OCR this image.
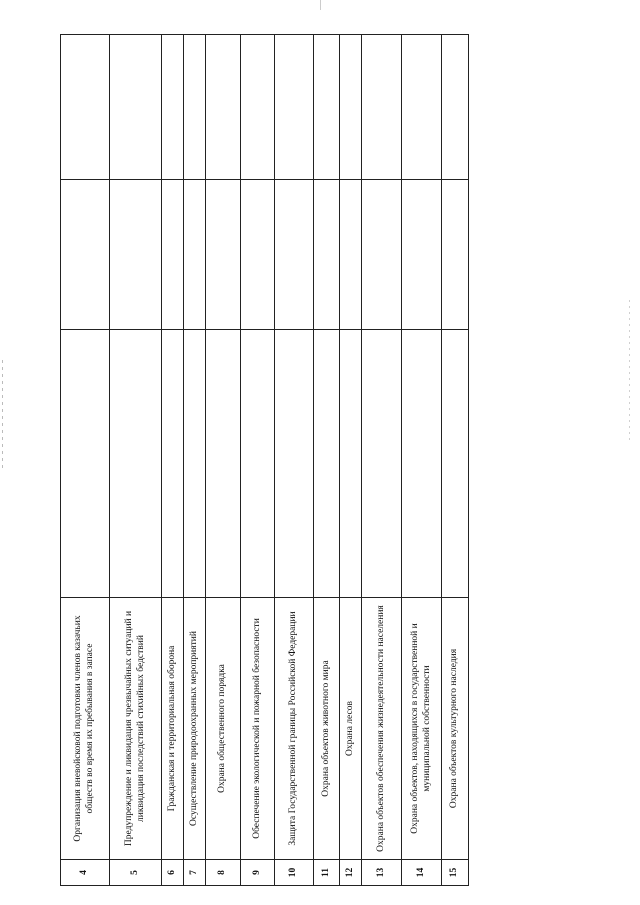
4	Организация вневойсковой подготовки членов казачьих обществ во время их пребывания в запасе			
5	Предупреждение и ликвидация чрезвычайных ситуаций и ликвидация последствий стихийных бедствий			
6	Гражданская и территориальная оборона			
7	Осуществление природоохранных мероприятий			
8	Охрана общественного порядка			
9	Обеспечение экологической и пожарной безопасности			
10	Защита Государственной границы Российской Федерации			
11	Охрана объектов животного мира			
12	Охрана лесов			
13	Охрана объектов обеспечения жизнедеятельности населения			
14	Охрана объектов, находящихся в государственной и муниципальной собственности			
15	Охрана объектов культурного наследия			
